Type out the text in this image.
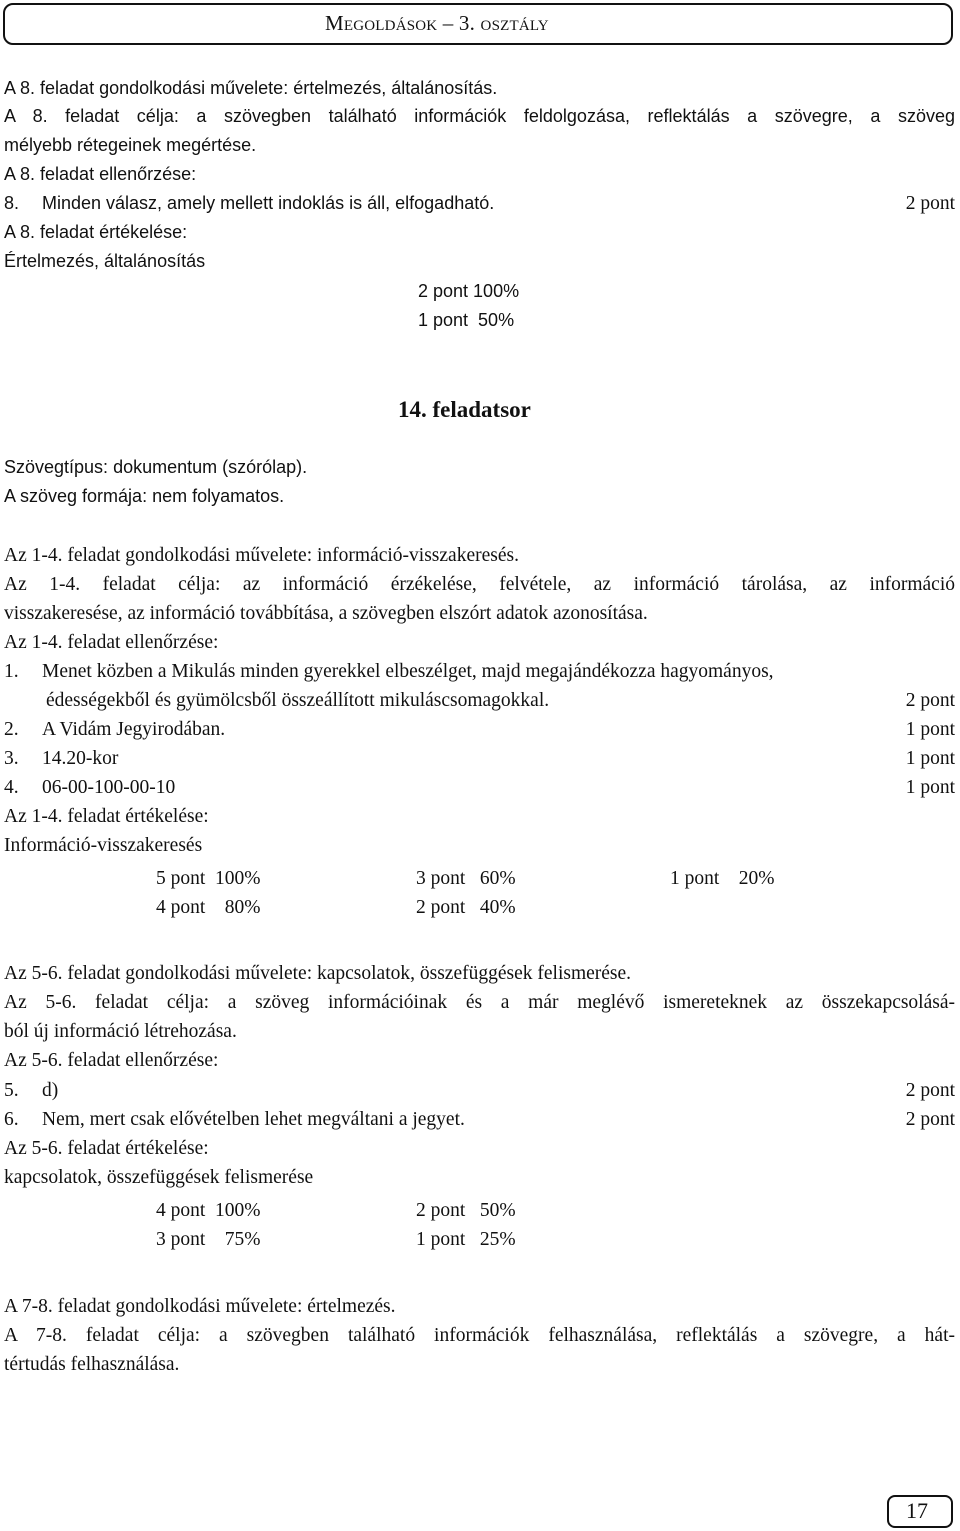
Megoldások – 3. osztály
A 8. feladat gondolkodási művelete: értelmezés, általánosítás.
A 8. feladat célja: a szövegben található információk feldolgozása, reflektálás a szövegre, a szöveg
mélyebb rétegeinek megértése.
A 8. feladat ellenőrzése:
8. Minden válasz, amely mellett indoklás is áll, elfogadható.	2 pont
A 8. feladat értékelése:
Értelmezés, általánosítás
2 pont 100%
1 pont  50%
14. feladatsor
Szövegtípus: dokumentum (szórólap).
A szöveg formája: nem folyamatos.
Az 1-4. feladat gondolkodási művelete: információ-visszakeresés.
Az 1-4. feladat célja: az információ érzékelése, felvétele, az információ tárolása, az információ
visszakeresése, az információ továbbítása, a szövegben elszórt adatok azonosítása.
Az 1-4. feladat ellenőrzése:
1. Menet közben a Mikulás minden gyerekkel elbeszélget, majd megajándékozza hagyományos,
édességekből és gyümölcsből összeállított mikuláscsomagokkal.	2 pont
2. A Vidám Jegyirodában.	1 pont
3. 14.20-kor	1 pont
4. 06-00-100-00-10	1 pont
Az 1-4. feladat értékelése:
Információ-visszakeresés
5 pont  100%	3 pont   60%	1 pont    20%
4 pont    80%	2 pont   40%
Az 5-6. feladat gondolkodási művelete: kapcsolatok, összefüggések felismerése.
Az 5-6. feladat célja: a szöveg információinak és a már meglévő ismereteknek az összekapcsolásá-
ból új információ létrehozása.
Az 5-6. feladat ellenőrzése:
5. d)	2 pont
6. Nem, mert csak elővételben lehet megváltani a jegyet.	2 pont
Az 5-6. feladat értékelése:
kapcsolatok, összefüggések felismerése
4 pont  100%	2 pont   50%
3 pont    75%	1 pont   25%
A 7-8. feladat gondolkodási művelete: értelmezés.
A 7-8. feladat célja: a szövegben található információk felhasználása, reflektálás a szövegre, a hát-
tértudás felhasználása.
17
